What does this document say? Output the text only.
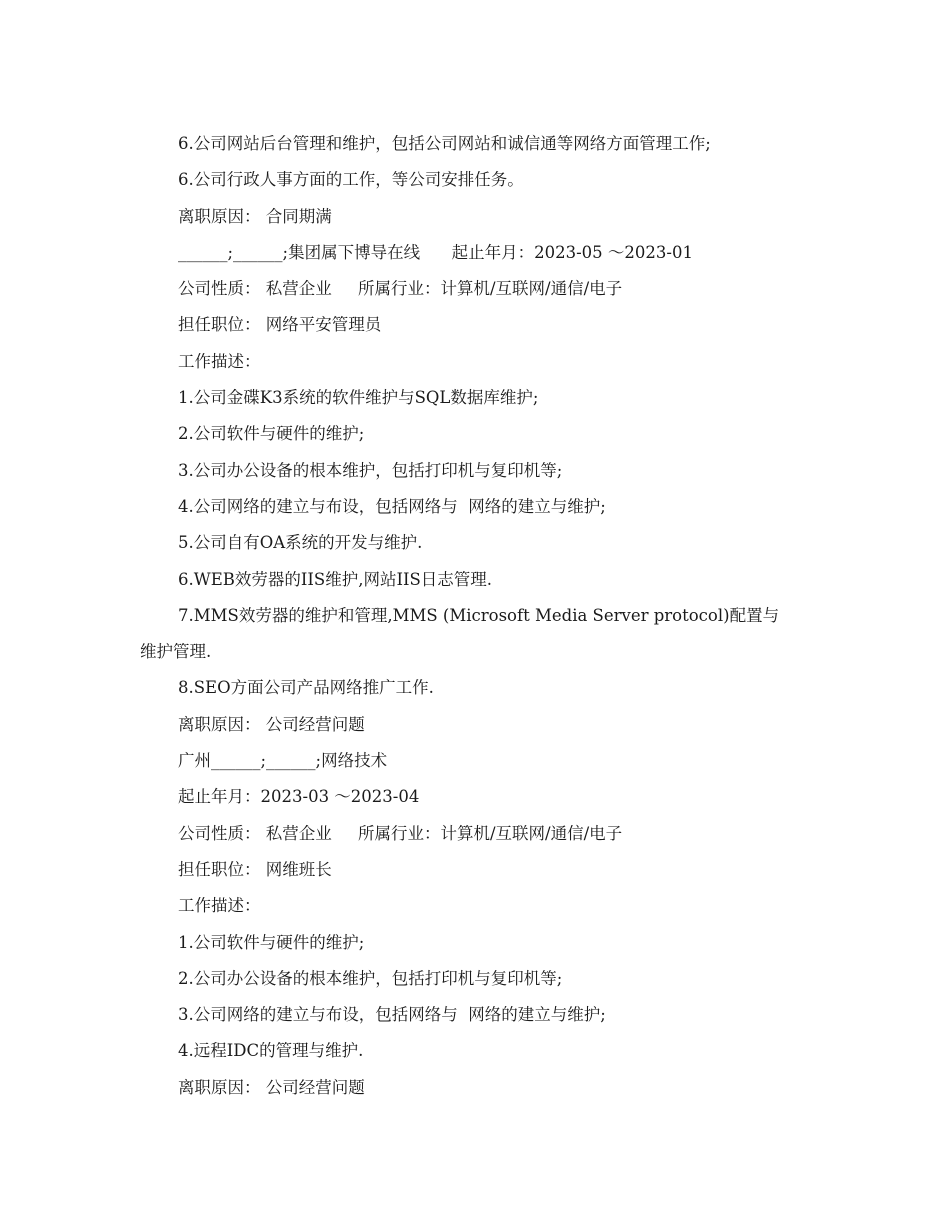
6.公司网站后台管理和维护，包括公司网站和诚信通等网络方面管理工作;
6.公司行政人事方面的工作，等公司安排任务。
离职原因： 合同期满
______;______;集团属下博导在线      起止年月：2023-05 ～2023-01
公司性质： 私营企业     所属行业：计算机/互联网/通信/电子
担任职位： 网络平安管理员
工作描述：
1.公司金碟K3系统的软件维护与SQL数据库维护;
2.公司软件与硬件的维护;
3.公司办公设备的根本维护，包括打印机与复印机等;
4.公司网络的建立与布设，包括网络与  网络的建立与维护;
5.公司自有OA系统的开发与维护.
6.WEB效劳器的IIS维护,网站IIS日志管理.
7.MMS效劳器的维护和管理,MMS (Microsoft Media Server protocol)配置与
维护管理.
8.SEO方面公司产品网络推广工作.
离职原因： 公司经营问题
广州______;______;网络技术
起止年月：2023-03 ～2023-04
公司性质： 私营企业     所属行业：计算机/互联网/通信/电子
担任职位： 网维班长
工作描述：
1.公司软件与硬件的维护;
2.公司办公设备的根本维护，包括打印机与复印机等;
3.公司网络的建立与布设，包括网络与  网络的建立与维护;
4.远程IDC的管理与维护.
离职原因： 公司经营问题
